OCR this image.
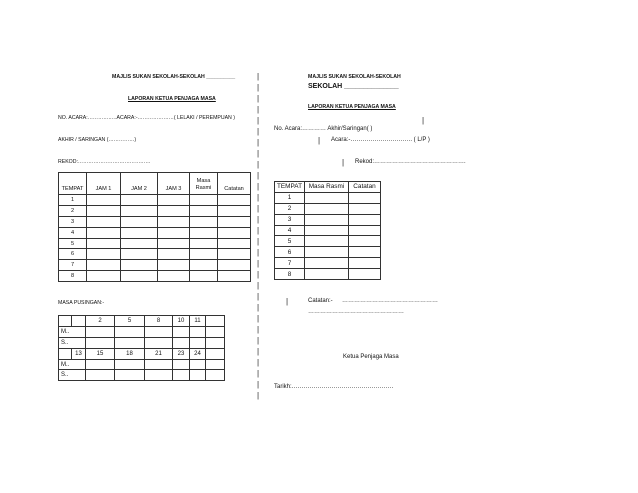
MAJLIS SUKAN SEKOLAH-SEKOLAH __________
LAPORAN KETUA PENJAGA MASA
NO. ACARA:………….….ACARA:-…………………( LELAKI / PEREMPUAN )
AKHIR / SARINGAN (……………)
REKOD:……………………………………
TEMPAT	JAM 1	JAM 2	JAM 3	Masa Rasmi	Catatan
1					
2					
3					
4					
5					
6					
7					
8					
MASA PUSINGAN:-
		2	5	8	10	11	
M..							
S..							
	13	15	18	21	23	24	
M..							
S..							
|
|
|
|
|
|
|
|
|
|
|
|
|
|
|
|
|
|
|
|
|
|
|
|
|
|
|
|
|
|
MAJLIS SUKAN SEKOLAH-SEKOLAH
SEKOLAH ______________
LAPORAN KETUA PENJAGA MASA
|
No. Acara:………… Akhir/Saringan( )
| Acara:-…………………………. ( L/P )
| Rekod:……………………………………….
TEMPAT	Masa Rasmi	Catatan
1		
2		
3		
4		
5		
6		
7		
8		
|	Catatan:- …………………………………………
…………………………………………
Ketua Penjaga Masa
Tarikh:……………………………………………
